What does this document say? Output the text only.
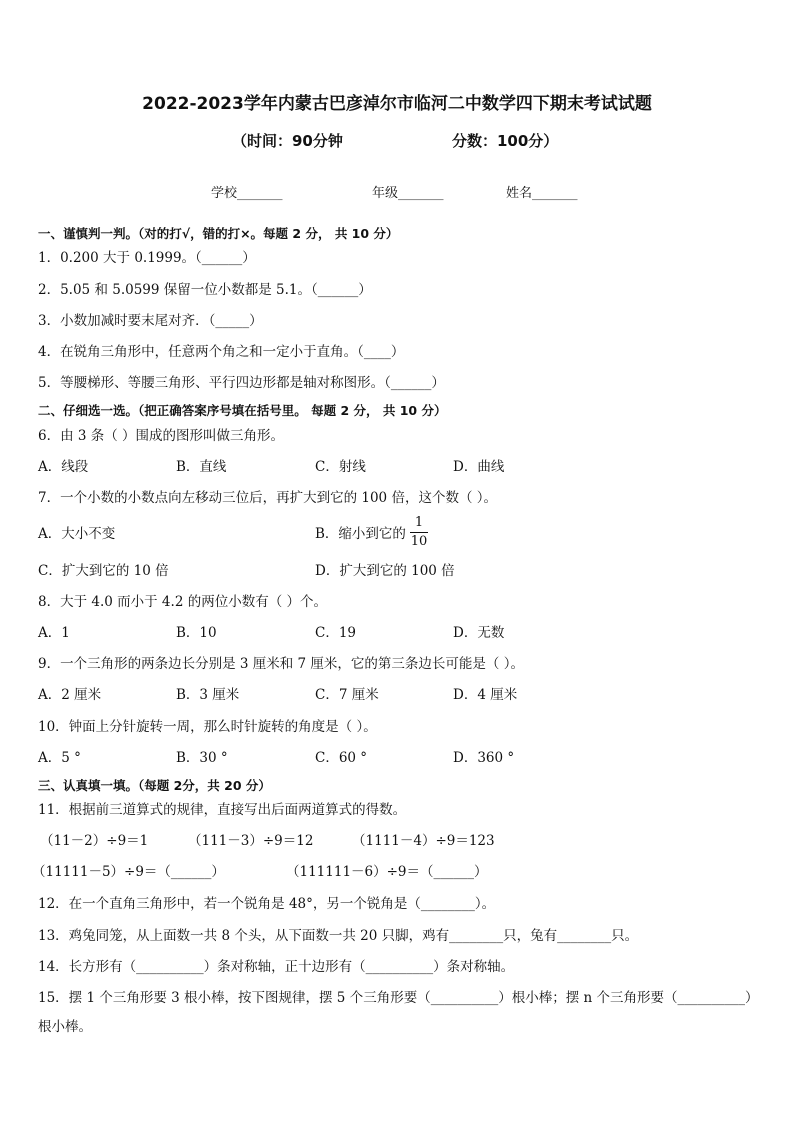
2022-2023学年内蒙古巴彦淖尔市临河二中数学四下期末考试试题
（时间：90分钟	分数：100分）
学校_______	年级_______	姓名_______
一、谨慎判一判。（对的打√，错的打×。每题 2 分， 共 10 分）
1．0.200 大于 0.1999。（______）
2．5.05 和 5.0599 保留一位小数都是 5.1。（______）
3．小数加减时要末尾对齐．（_____）
4．在锐角三角形中，任意两个角之和一定小于直角。（____）
5．等腰梯形、等腰三角形、平行四边形都是轴对称图形。（______）
二、仔细选一选。（把正确答案序号填在括号里。 每题 2 分， 共 10 分）
6．由 3 条（ ）围成的图形叫做三角形。
A．线段	B．直线	C．射线	D．曲线
7．一个小数的小数点向左移动三位后，再扩大到它的 100 倍，这个数（ ）。
A．大小不变	B．缩小到它的
1
10
C．扩大到它的 10 倍	D．扩大到它的 100 倍
8．大于 4.0 而小于 4.2 的两位小数有（ ）个。
A．1	B．10	C．19	D．无数
9．一个三角形的两条边长分别是 3 厘米和 7 厘米，它的第三条边长可能是（ ）。
A．2 厘米	B．3 厘米	C．7 厘米	D．4 厘米
10．钟面上分针旋转一周，那么时针旋转的角度是（ ）。
A．5 °	B．30 °	C．60 °	D．360 °
三、认真填一填。（每题 2分，共 20 分）
11．根据前三道算式的规律，直接写出后面两道算式的得数。
（11－2）÷9＝1	（111－3）÷9＝12	（1111－4）÷9＝123
（11111－5）÷9＝（______）	（111111－6）÷9＝（______）
12．在一个直角三角形中，若一个锐角是 48°，另一个锐角是（________）。
13．鸡兔同笼，从上面数一共 8 个头，从下面数一共 20 只脚，鸡有________只，兔有________只。
14．长方形有（__________）条对称轴，正十边形有（__________）条对称轴。
15．摆 1 个三角形要 3 根小棒，按下图规律，摆 5 个三角形要（__________）根小棒；摆 n 个三角形要（__________）
根小棒。
